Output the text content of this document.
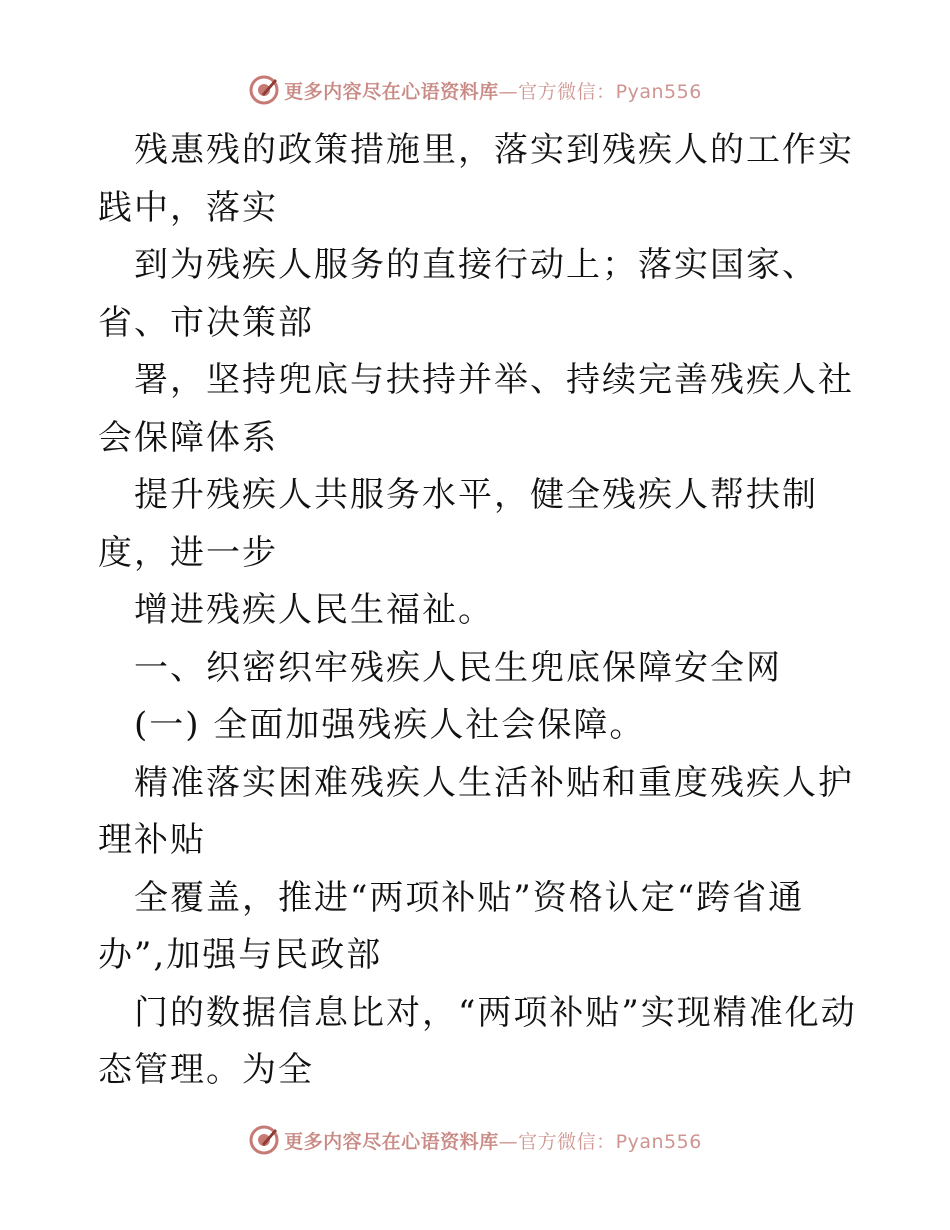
更多内容尽在心语资料库—官方微信：Pyan556

残惠残的政策措施里，落实到残疾人的工作实践中，落实

到为残疾人服务的直接行动上；落实国家、省、市决策部

署，坚持兜底与扶持并举、持续完善残疾人社会保障体系

提升残疾人共服务水平，健全残疾人帮扶制度，进一步

增进残疾人民生福祉。

一、织密织牢残疾人民生兜底保障安全网

(一) 全面加强残疾人社会保障。

精准落实困难残疾人生活补贴和重度残疾人护理补贴

全覆盖，推进“两项补贴”资格认定“跨省通办”,加强与民政部

门的数据信息比对，“两项补贴”实现精准化动态管理。为全

更多内容尽在心语资料库—官方微信：Pyan556
